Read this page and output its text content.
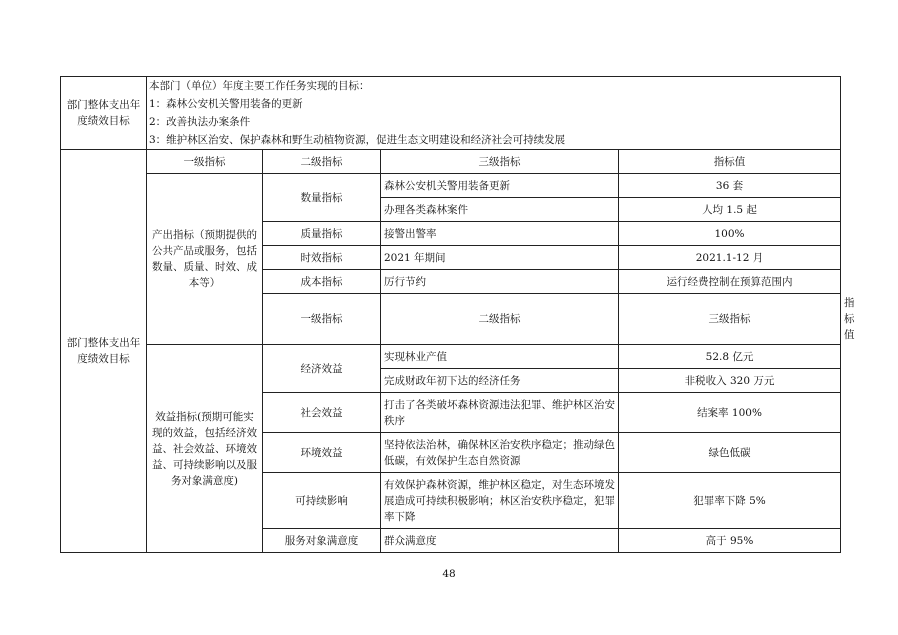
部门整体支出年度绩效目标	本部门（单位）年度主要工作任务实现的目标：
1：森林公安机关警用装备的更新
2：改善执法办案条件
3：维护林区治安、保护森林和野生动植物资源，促进生态文明建设和经济社会可持续发展				

部门整体支出年度绩效目标	一级指标	二级指标	三级指标	指标值	
	产出指标（预期提供的公共产品或服务，包括数量、质量、时效、成本等）	数量指标	森林公安机关警用装备更新	36 套	
			办理各类森林案件	人均 1.5 起	
		质量指标	接警出警率	100%	
		时效指标	2021 年期间	2021.1-12 月	
		成本指标	厉行节约	运行经费控制在预算范围内	
		一级指标	二级指标	三级指标	指标值
	效益指标(预期可能实现的效益，包括经济效益、社会效益、环境效益、可持续影响以及服务对象满意度)	经济效益	实现林业产值	52.8 亿元	
			完成财政年初下达的经济任务	非税收入 320 万元	
		社会效益	打击了各类破坏森林资源违法犯罪、维护林区治安秩序	结案率 100%	
		环境效益	坚持依法治林，确保林区治安秩序稳定；推动绿色低碳，有效保护生态自然资源	绿色低碳	
		可持续影响	有效保护森林资源，维护林区稳定，对生态环境发展造成可持续积极影响；林区治安秩序稳定，犯罪率下降	犯罪率下降 5%	
		服务对象满意度	群众满意度	高于 95%	
48
